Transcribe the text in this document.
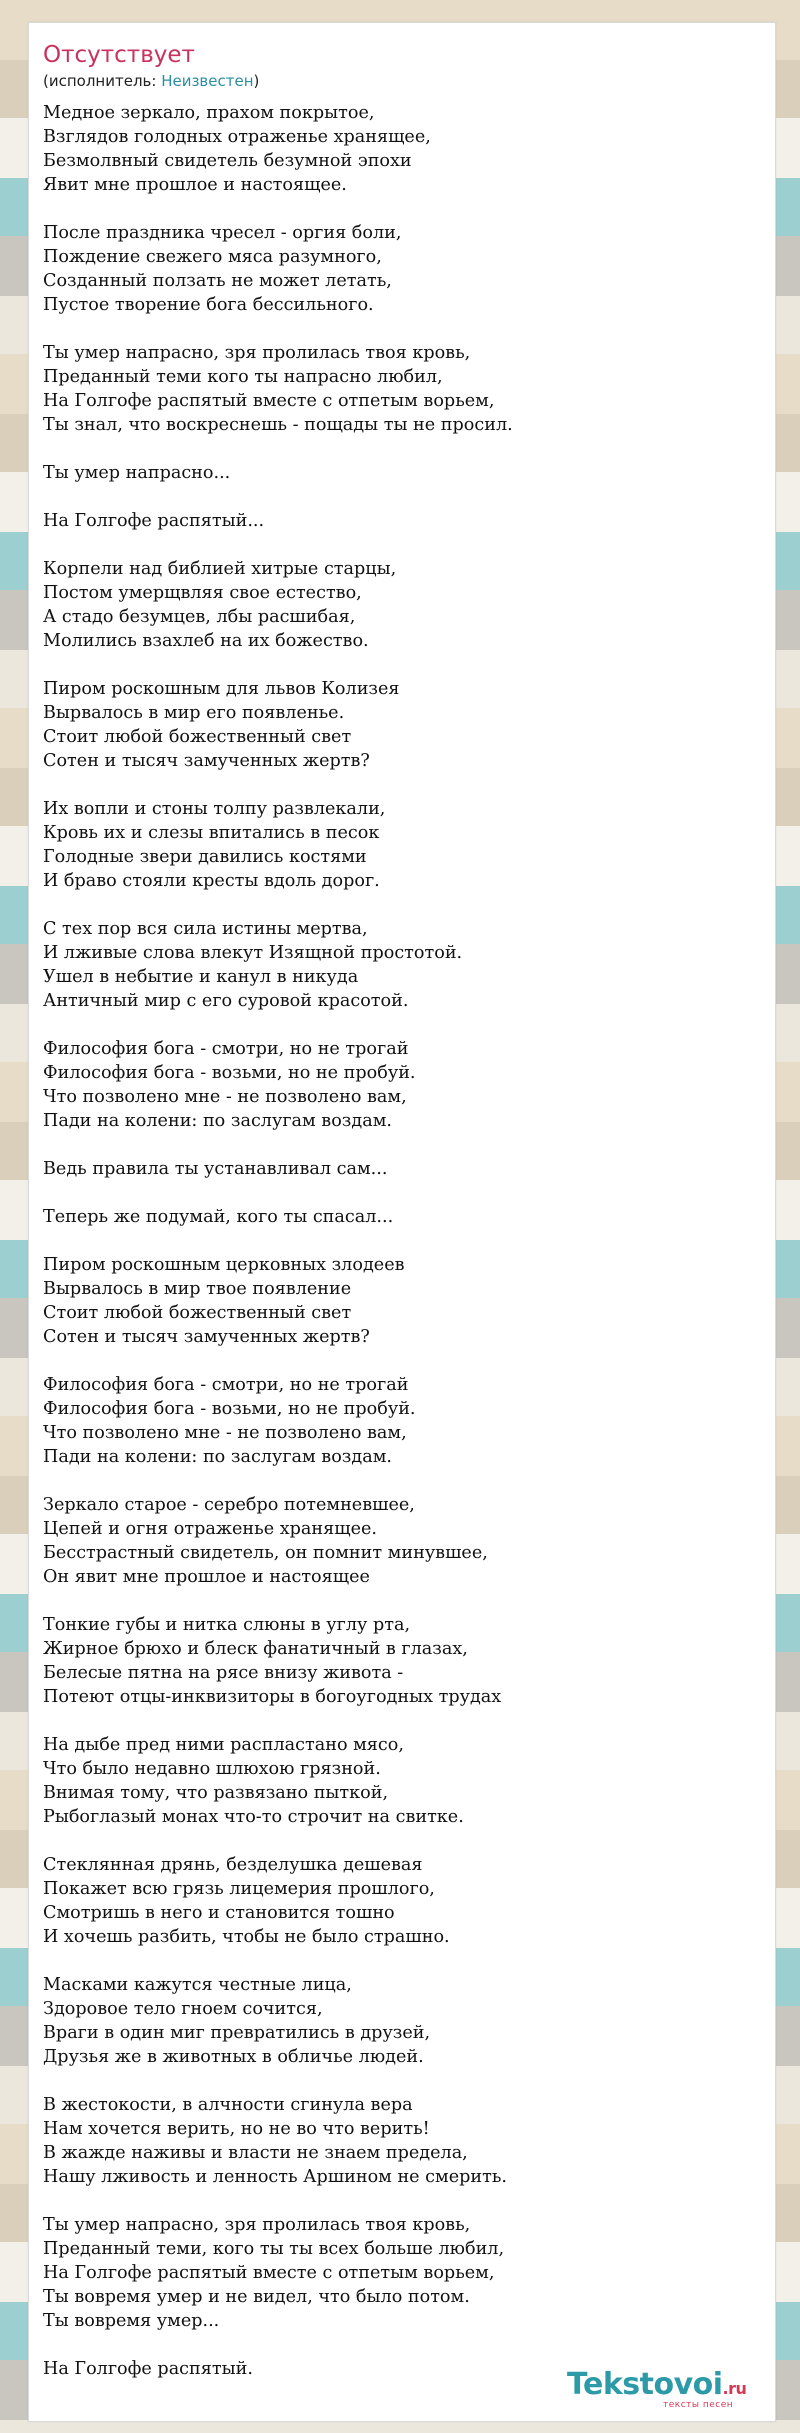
Отсутствует
(исполнитель: Неизвестен)

Медное зеркало, прахом покрытое,
Взглядов голодных отраженье хранящее,
Безмолвный свидетель безумной эпохи
Явит мне прошлое и настоящее.

После праздника чресел - оргия боли,
Пождение свежего мяса разумного,
Созданный ползать не может летать,
Пустое творение бога бессильного.

Ты умер напрасно, зря пролилась твоя кровь,
Преданный теми кого ты напрасно любил,
На Голгофе распятый вместе с отпетым ворьем,
Ты знал, что воскреснешь - пощады ты не просил.

Ты умер напрасно...

На Голгофе распятый...

Корпели над библией хитрые старцы,
Постом умерщвляя свое естество,
А стадо безумцев, лбы расшибая,
Молились взахлеб на их божество.

Пиром роскошным для львов Колизея
Вырвалось в мир его появленье.
Стоит любой божественный свет
Сотен и тысяч замученных жертв?

Их вопли и стоны толпу развлекали,
Кровь их и слезы впитались в песок
Голодные звери давились костями
И браво стояли кресты вдоль дорог.

С тех пор вся сила истины мертва,
И лживые слова влекут Изящной простотой.
Ушел в небытие и канул в никуда
Античный мир с его суровой красотой.

Философия бога - смотри, но не трогай
Философия бога - возьми, но не пробуй.
Что позволено мне - не позволено вам,
Пади на колени: по заслугам воздам.

Ведь правила ты устанавливал сам...

Теперь же подумай, кого ты спасал...

Пиром роскошным церковных злодеев
Вырвалось в мир твое появление
Стоит любой божественный свет
Сотен и тысяч замученных жертв?

Философия бога - смотри, но не трогай
Философия бога - возьми, но не пробуй.
Что позволено мне - не позволено вам,
Пади на колени: по заслугам воздам.

Зеркало старое - серебро потемневшее,
Цепей и огня отраженье хранящее.
Бесстрастный свидетель, он помнит минувшее,
Он явит мне прошлое и настоящее

Тонкие губы и нитка слюны в углу рта,
Жирное брюхо и блеск фанатичный в глазах,
Белесые пятна на рясе внизу живота -
Потеют отцы-инквизиторы в богоугодных трудах

На дыбе пред ними распластано мясо,
Что было недавно шлюхою грязной.
Внимая тому, что развязано пыткой,
Рыбоглазый монах что-то строчит на свитке.

Стеклянная дрянь, безделушка дешевая
Покажет всю грязь лицемерия прошлого,
Смотришь в него и становится тошно
И хочешь разбить, чтобы не было страшно.

Масками кажутся честные лица,
Здоровое тело гноем сочится,
Враги в один миг превратились в друзей,
Друзья же в животных в обличье людей.

В жестокости, в алчности сгинула вера
Нам хочется верить, но не во что верить!
В жажде наживы и власти не знаем предела,
Нашу лживость и ленность Аршином не смерить.

Ты умер напрасно, зря пролилась твоя кровь,
Преданный теми, кого ты ты всех больше любил,
На Голгофе распятый вместе с отпетым ворьем,
Ты вовремя умер и не видел, что было потом.
Ты вовремя умер...

На Голгофе распятый.	Tekstovoi.ru
тексты песен
